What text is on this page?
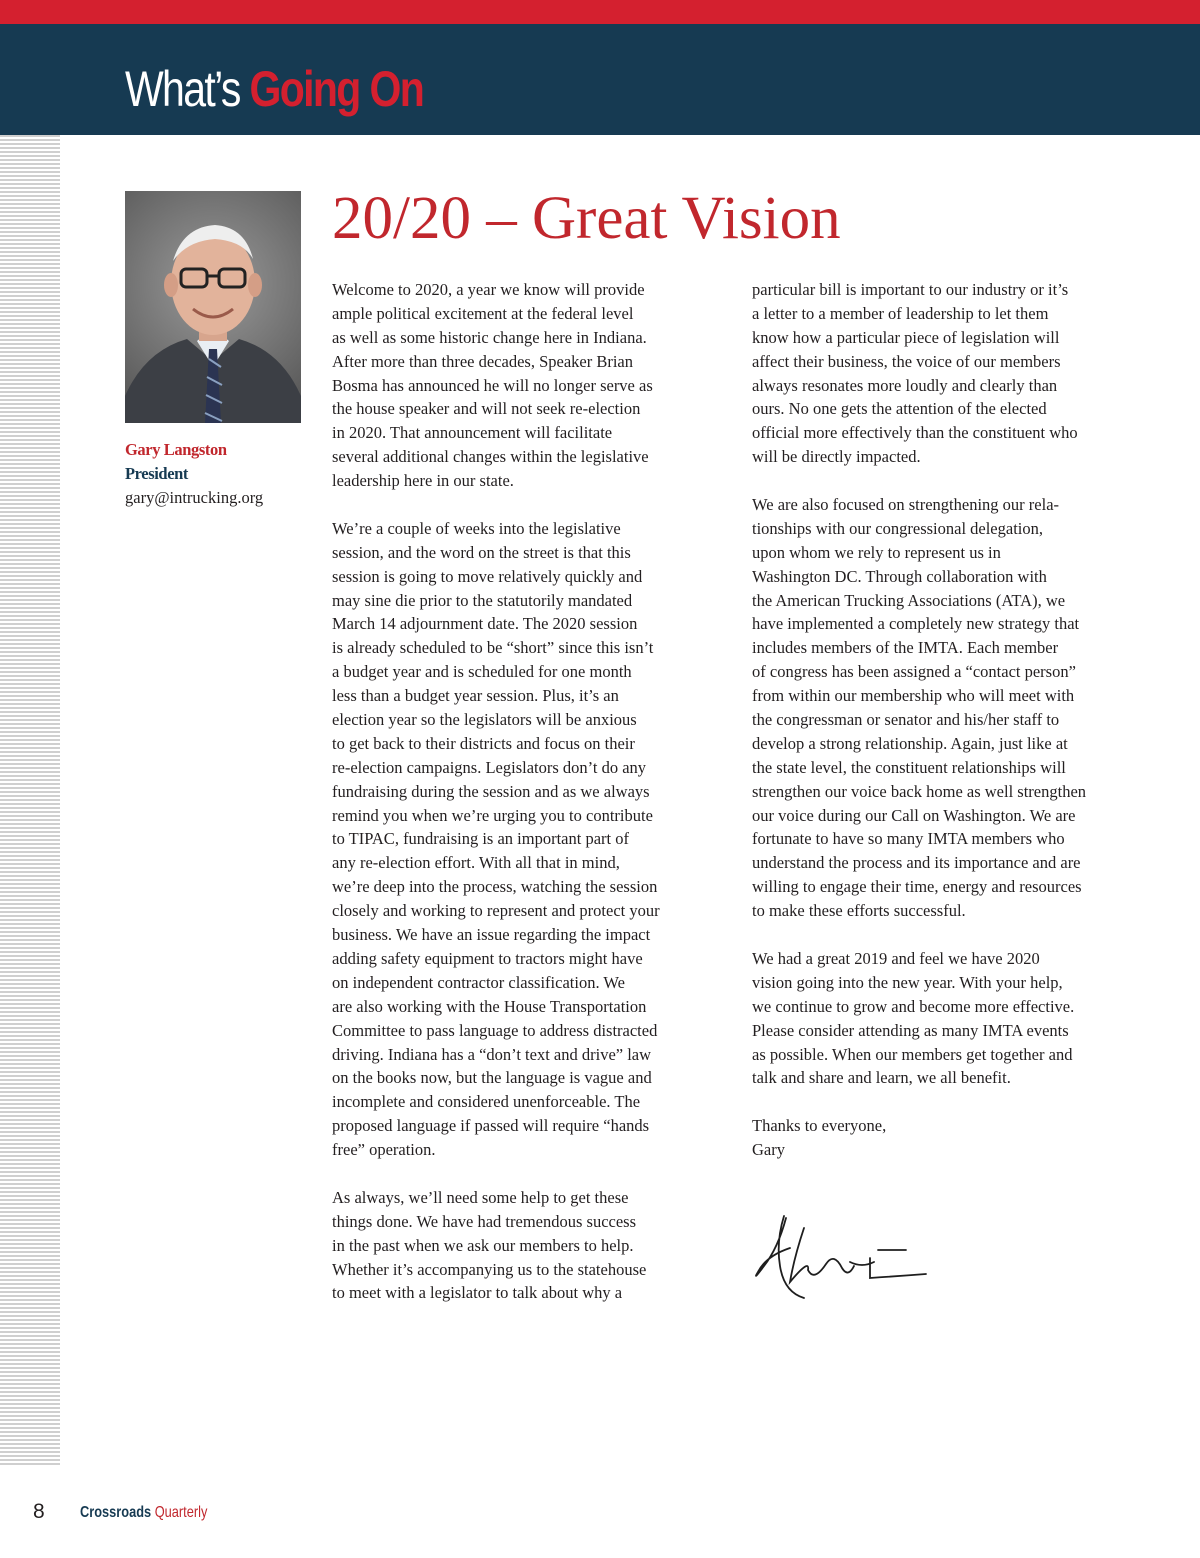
What’s Going On
Gary Langston
President
gary@intrucking.org
20/20 – Great Vision
Welcome to 2020, a year we know will provide
ample political excitement at the federal level
as well as some historic change here in Indiana.
After more than three decades, Speaker Brian
Bosma has announced he will no longer serve as
the house speaker and will not seek re-election
in 2020. That announcement will facilitate
several additional changes within the legislative
leadership here in our state.
We’re a couple of weeks into the legislative
session, and the word on the street is that this
session is going to move relatively quickly and
may sine die prior to the statutorily mandated
March 14 adjournment date. The 2020 session
is already scheduled to be “short” since this isn’t
a budget year and is scheduled for one month
less than a budget year session. Plus, it’s an
election year so the legislators will be anxious
to get back to their districts and focus on their
re-election campaigns. Legislators don’t do any
fundraising during the session and as we always
remind you when we’re urging you to contribute
to TIPAC, fundraising is an important part of
any re-election effort. With all that in mind,
we’re deep into the process, watching the session
closely and working to represent and protect your
business. We have an issue regarding the impact
adding safety equipment to tractors might have
on independent contractor classification. We
are also working with the House Transportation
Committee to pass language to address distracted
driving. Indiana has a “don’t text and drive” law
on the books now, but the language is vague and
incomplete and considered unenforceable. The
proposed language if passed will require “hands
free” operation.
As always, we’ll need some help to get these
things done. We have had tremendous success
in the past when we ask our members to help.
Whether it’s accompanying us to the statehouse
to meet with a legislator to talk about why a
particular bill is important to our industry or it’s
a letter to a member of leadership to let them
know how a particular piece of legislation will
affect their business, the voice of our members
always resonates more loudly and clearly than
ours. No one gets the attention of the elected
official more effectively than the constituent who
will be directly impacted.
We are also focused on strengthening our rela-
tionships with our congressional delegation,
upon whom we rely to represent us in
Washington DC. Through collaboration with
the American Trucking Associations (ATA), we
have implemented a completely new strategy that
includes members of the IMTA. Each member
of congress has been assigned a “contact person”
from within our membership who will meet with
the congressman or senator and his/her staff to
develop a strong relationship. Again, just like at
the state level, the constituent relationships will
strengthen our voice back home as well strengthen
our voice during our Call on Washington. We are
fortunate to have so many IMTA members who
understand the process and its importance and are
willing to engage their time, energy and resources
to make these efforts successful.
We had a great 2019 and feel we have 2020
vision going into the new year. With your help,
we continue to grow and become more effective.
Please consider attending as many IMTA events
as possible. When our members get together and
talk and share and learn, we all benefit.
Thanks to everyone,
Gary
8 Crossroads Quarterly
